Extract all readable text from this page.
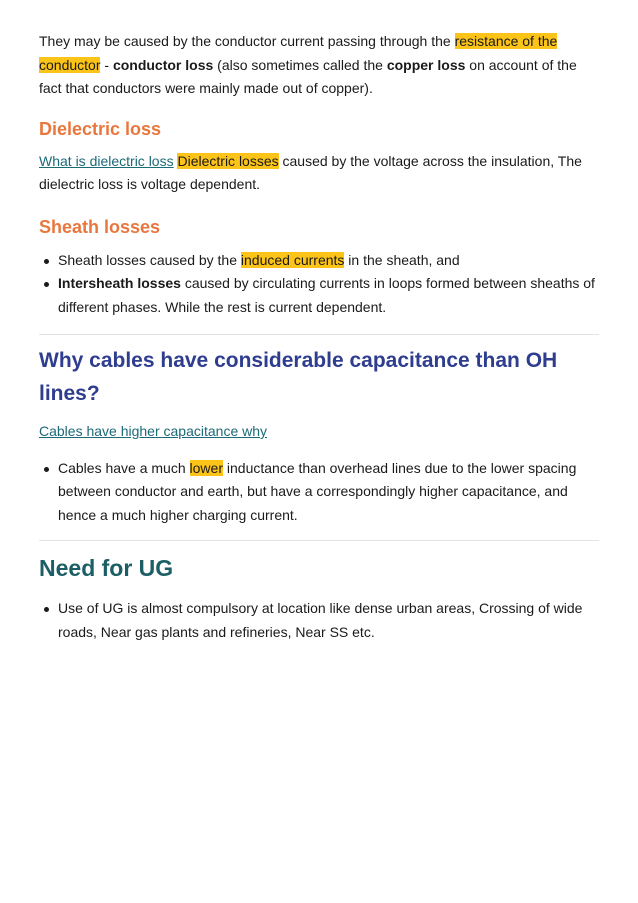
They may be caused by the conductor current passing through the resistance of the conductor - conductor loss (also sometimes called the copper loss on account of the fact that conductors were mainly made out of copper).

Dielectric loss

What is dielectric loss Dielectric losses caused by the voltage across the insulation, The dielectric loss is voltage dependent.

Sheath losses
Sheath losses caused by the induced currents in the sheath, and
Intersheath losses caused by circulating currents in loops formed between sheaths of different phases. While the rest is current dependent.
Why cables have considerable capacitance than OH lines?

Cables have higher capacitance why

Cables have a much lower inductance than overhead lines due to the lower spacing between conductor and earth, but have a correspondingly higher capacitance, and hence a much higher charging current.
Need for UG
Use of UG is almost compulsory at location like dense urban areas, Crossing of wide roads, Near gas plants and refineries, Near SS etc.
